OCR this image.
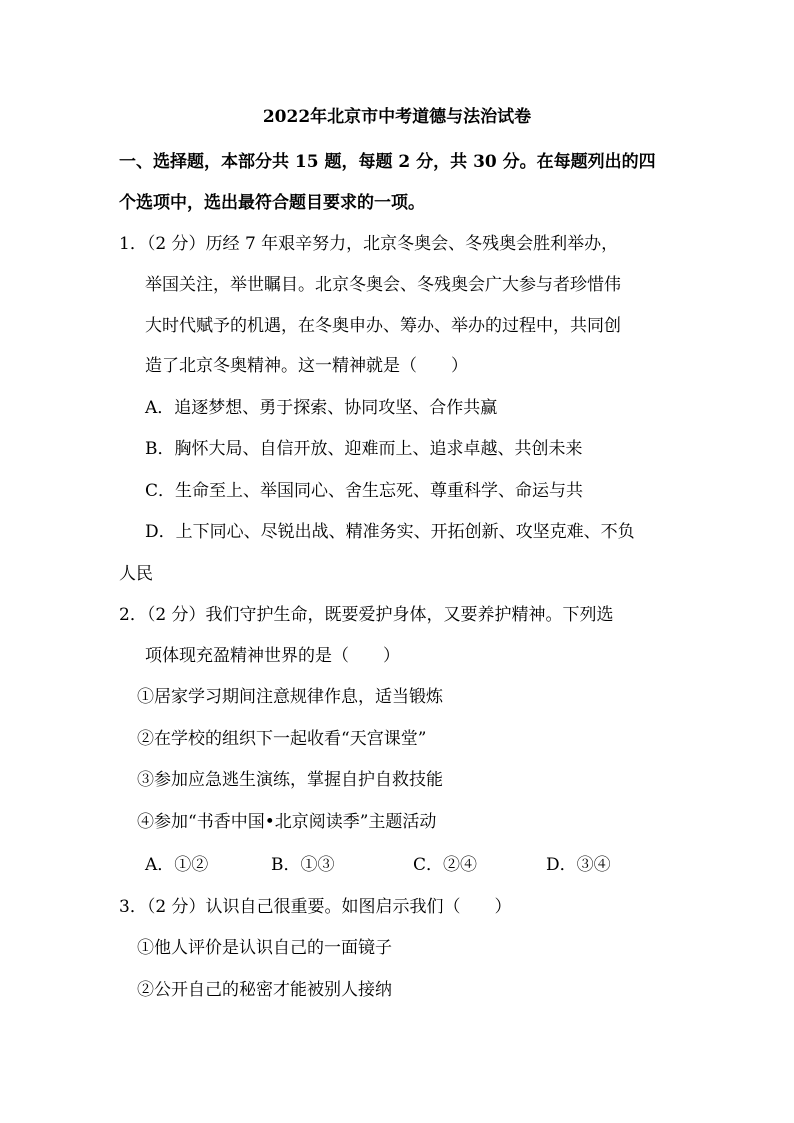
2022年北京市中考道德与法治试卷
一、选择题，本部分共 15 题，每题 2 分，共 30 分。在每题列出的四
个选项中，选出最符合题目要求的一项。
1．（2 分）历经 7 年艰辛努力，北京冬奥会、冬残奥会胜利举办，
举国关注，举世瞩目。北京冬奥会、冬残奥会广大参与者珍惜伟
大时代赋予的机遇，在冬奥申办、筹办、举办的过程中，共同创
造了北京冬奥精神。这一精神就是（　　）
A．追逐梦想、勇于探索、协同攻坚、合作共赢
B．胸怀大局、自信开放、迎难而上、追求卓越、共创未来
C．生命至上、举国同心、舍生忘死、尊重科学、命运与共
D．上下同心、尽锐出战、精准务实、开拓创新、攻坚克难、不负
人民
2．（2 分）我们守护生命，既要爱护身体，又要养护精神。下列选
项体现充盈精神世界的是（　　）
①居家学习期间注意规律作息，适当锻炼
②在学校的组织下一起收看“天宫课堂”
③参加应急逃生演练，掌握自护自救技能
④参加“书香中国•北京阅读季”主题活动
A．①②	B．①③	C．②④	D．③④
3．（2 分）认识自己很重要。如图启示我们（　　）
①他人评价是认识自己的一面镜子
②公开自己的秘密才能被别人接纳
